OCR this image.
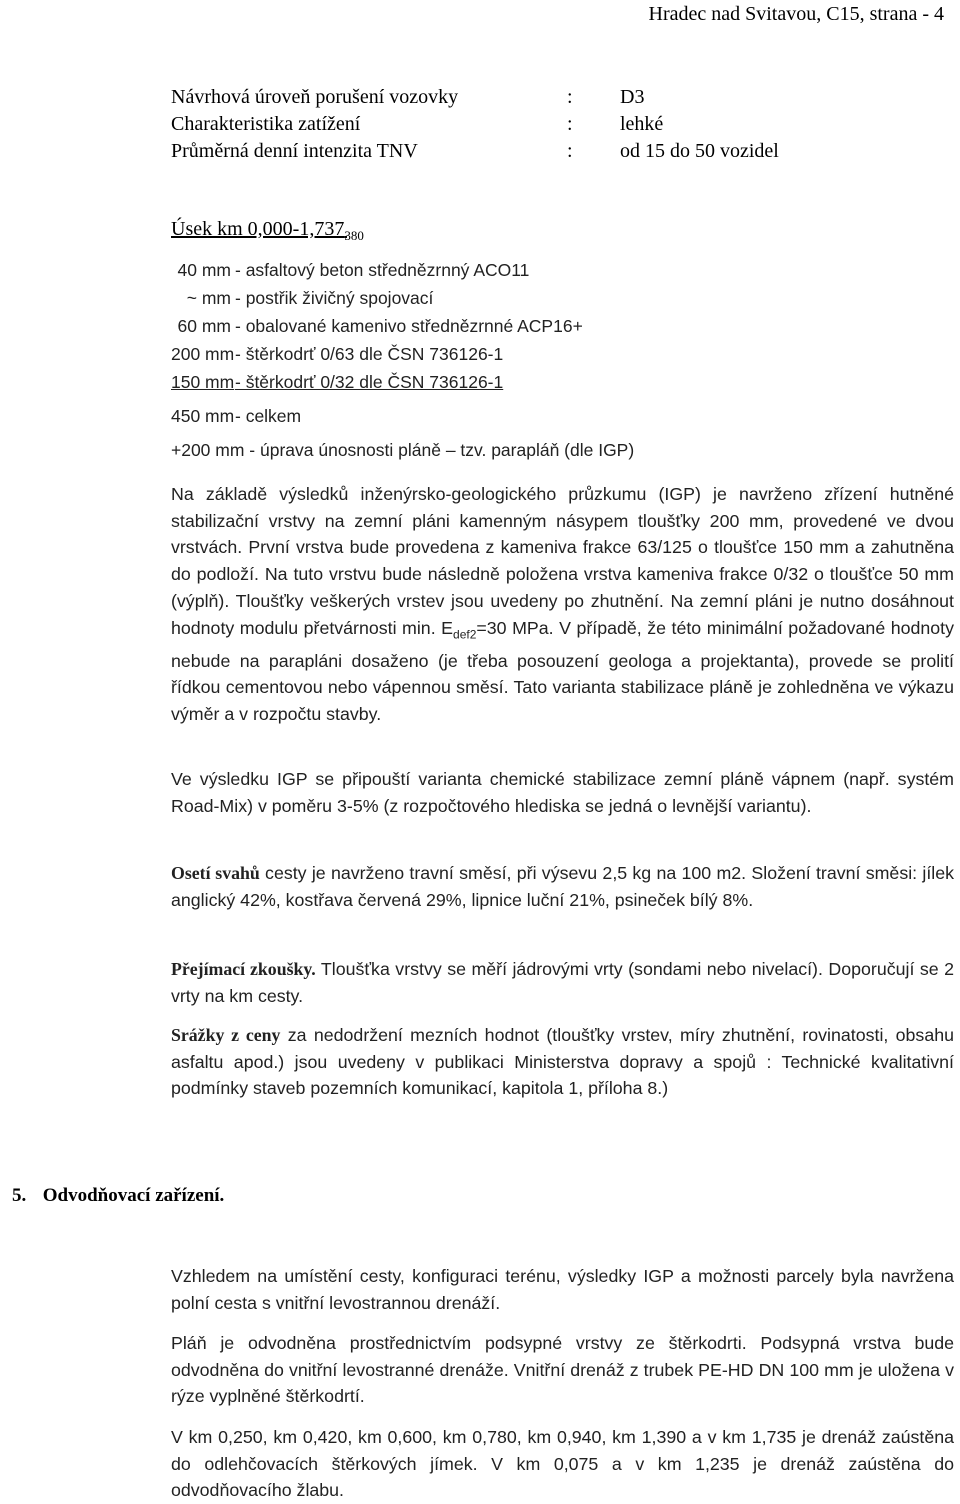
Hradec nad Svitavou, C15, strana - 4
Návrhová úroveň porušení vozovky	: D3
Charakteristika zatížení	: lehké
Průměrná denní intenzita TNV	: od 15 do 50 vozidel
Úsek km $0,000-1,737_{380}$
40 mm - asfaltový beton střednězrnný ACO11
~ mm - postřik živičný spojovací
60 mm - obalované kamenivo střednězrnné ACP16+
200 mm- štěrkodrť 0/63 dle ČSN 736126-1
150 mm- štěrkodrť 0/32 dle ČSN 736126-1
450 mm- celkem
+200 mm - úprava únosnosti pláně – tzv. parapláň (dle IGP)
Na základě výsledků inženýrsko-geologického průzkumu (IGP) je navrženo zřízení hutněné stabilizační vrstvy na zemní pláni kamenným násypem tloušťky 200 mm, provedené ve dvou vrstvách. První vrstva bude provedena z kameniva frakce 63/125 o tloušťce 150 mm a zahutněna do podloží. Na tuto vrstvu bude následně položena vrstva kameniva frakce 0/32 o tloušťce 50 mm (výplň). Tloušťky veškerých vrstev jsou uvedeny po zhutnění. Na zemní pláni je nutno dosáhnout hodnoty modulu přetvárnosti min. $E_{def2}=30$ MPa. V případě, že této minimální požadované hodnoty nebude na parapláni dosaženo (je třeba posouzení geologa a projektanta), provede se prolití řídkou cementovou nebo vápennou směsí. Tato varianta stabilizace pláně je zohledněna ve výkazu výměr a v rozpočtu stavby.
Ve výsledku IGP se připouští varianta chemické stabilizace zemní pláně vápnem (např. systém Road-Mix) v poměru 3-5% (z rozpočtového hlediska se jedná o levnější variantu).
Osetí svahů cesty je navrženo travní směsí, při výsevu 2,5 kg na 100 m2. Složení travní směsi: jílek anglický 42%, kostřava červená 29%, lipnice luční 21%, psineček bílý 8%.
Přejímací zkoušky. Tloušťka vrstvy se měří jádrovými vrty (sondami nebo nivelací). Doporučují se 2 vrty na km cesty.
Srážky z ceny za nedodržení mezních hodnot (tloušťky vrstev, míry zhutnění, rovinatosti, obsahu asfaltu apod.) jsou uvedeny v publikaci Ministerstva dopravy a spojů : Technické kvalitativní podmínky staveb pozemních komunikací, kapitola 1, příloha 8.)
5. Odvodňovací zařízení.
Vzhledem na umístění cesty, konfiguraci terénu, výsledky IGP a možnosti parcely byla navržena polní cesta s vnitřní levostrannou drenáží.
Pláň je odvodněna prostřednictvím podsypné vrstvy ze štěrkodrti. Podsypná vrstva bude odvodněna do vnitřní levostranné drenáže. Vnitřní drenáž z trubek PE-HD DN 100 mm je uložena v rýze vyplněné štěrkodrtí.
V km 0,250, km 0,420, km 0,600, km 0,780, km 0,940, km 1,390 a v km 1,735 je drenáž zaústěna do odlehčovacích štěrkových jímek. V km 0,075 a v km 1,235 je drenáž zaústěna do odvodňovacího žlabu.
